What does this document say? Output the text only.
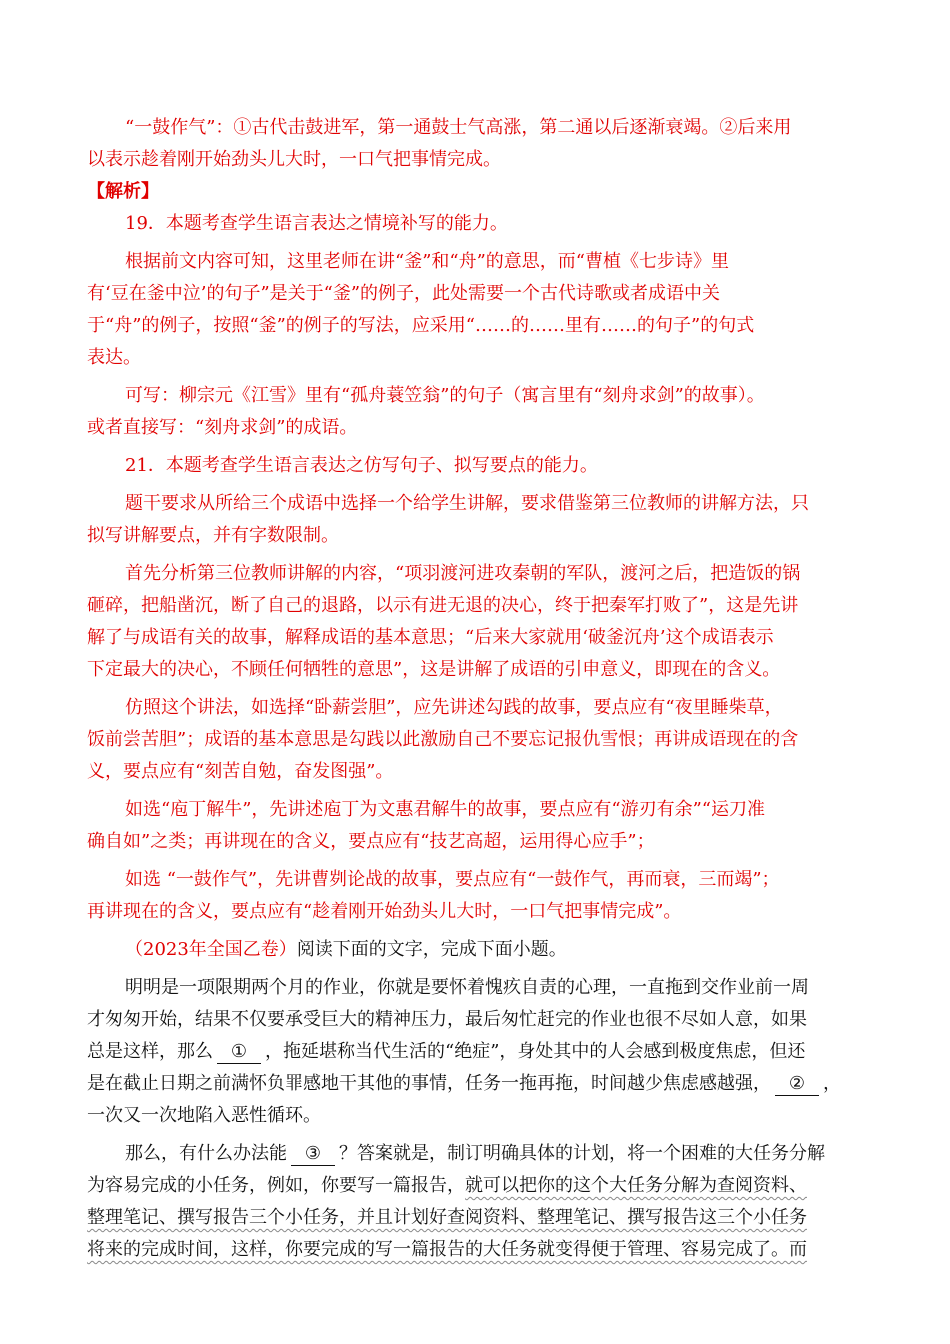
“一鼓作气”：①古代击鼓进军，第一通鼓士气高涨，第二通以后逐渐衰竭。②后来用
以表示趁着刚开始劲头儿大时，一口气把事情完成。
【解析】
19．本题考查学生语言表达之情境补写的能力。
根据前文内容可知，这里老师在讲“釜”和“舟”的意思，而“曹植《七步诗》里
有‘豆在釜中泣’的句子”是关于“釜”的例子，此处需要一个古代诗歌或者成语中关
于“舟”的例子，按照“釜”的例子的写法，应采用“……的……里有……的句子”的句式
表达。
可写：柳宗元《江雪》里有“孤舟蓑笠翁”的句子（寓言里有“刻舟求剑”的故事）。
或者直接写：“刻舟求剑”的成语。
21．本题考查学生语言表达之仿写句子、拟写要点的能力。
题干要求从所给三个成语中选择一个给学生讲解，要求借鉴第三位教师的讲解方法，只
拟写讲解要点，并有字数限制。
首先分析第三位教师讲解的内容，“项羽渡河进攻秦朝的军队，渡河之后，把造饭的锅
砸碎，把船凿沉，断了自己的退路，以示有进无退的决心，终于把秦军打败了”，这是先讲
解了与成语有关的故事，解释成语的基本意思；“后来大家就用‘破釜沉舟’这个成语表示
下定最大的决心，不顾任何牺牲的意思”，这是讲解了成语的引申意义，即现在的含义。
仿照这个讲法，如选择“卧薪尝胆”，应先讲述勾践的故事，要点应有“夜里睡柴草，
饭前尝苦胆”；成语的基本意思是勾践以此激励自己不要忘记报仇雪恨；再讲成语现在的含
义，要点应有“刻苦自勉，奋发图强”。
如选“庖丁解牛”，先讲述庖丁为文惠君解牛的故事，要点应有“游刃有余”“运刀准
确自如”之类；再讲现在的含义，要点应有“技艺高超，运用得心应手”；
如选 “一鼓作气”，先讲曹刿论战的故事，要点应有“一鼓作气，再而衰，三而竭”；
再讲现在的含义，要点应有“趁着刚开始劲头儿大时，一口气把事情完成”。
（2023年全国乙卷）阅读下面的文字，完成下面小题。
明明是一项限期两个月的作业，你就是要怀着愧疚自责的心理，一直拖到交作业前一周
才匆匆开始，结果不仅要承受巨大的精神压力，最后匆忙赶完的作业也很不尽如人意，如果
总是这样，那么 ① ，拖延堪称当代生活的“绝症”，身处其中的人会感到极度焦虑，但还
是在截止日期之前满怀负罪感地干其他的事情，任务一拖再拖，时间越少焦虑感越强， ② ，
一次又一次地陷入恶性循环。
那么，有什么办法能 ③ ？答案就是，制订明确具体的计划，将一个困难的大任务分解
为容易完成的小任务，例如，你要写一篇报告，就可以把你的这个大任务分解为查阅资料、
整理笔记、撰写报告三个小任务，并且计划好查阅资料、整理笔记、撰写报告这三个小任务
将来的完成时间，这样，你要完成的写一篇报告的大任务就变得便于管理、容易完成了。而
